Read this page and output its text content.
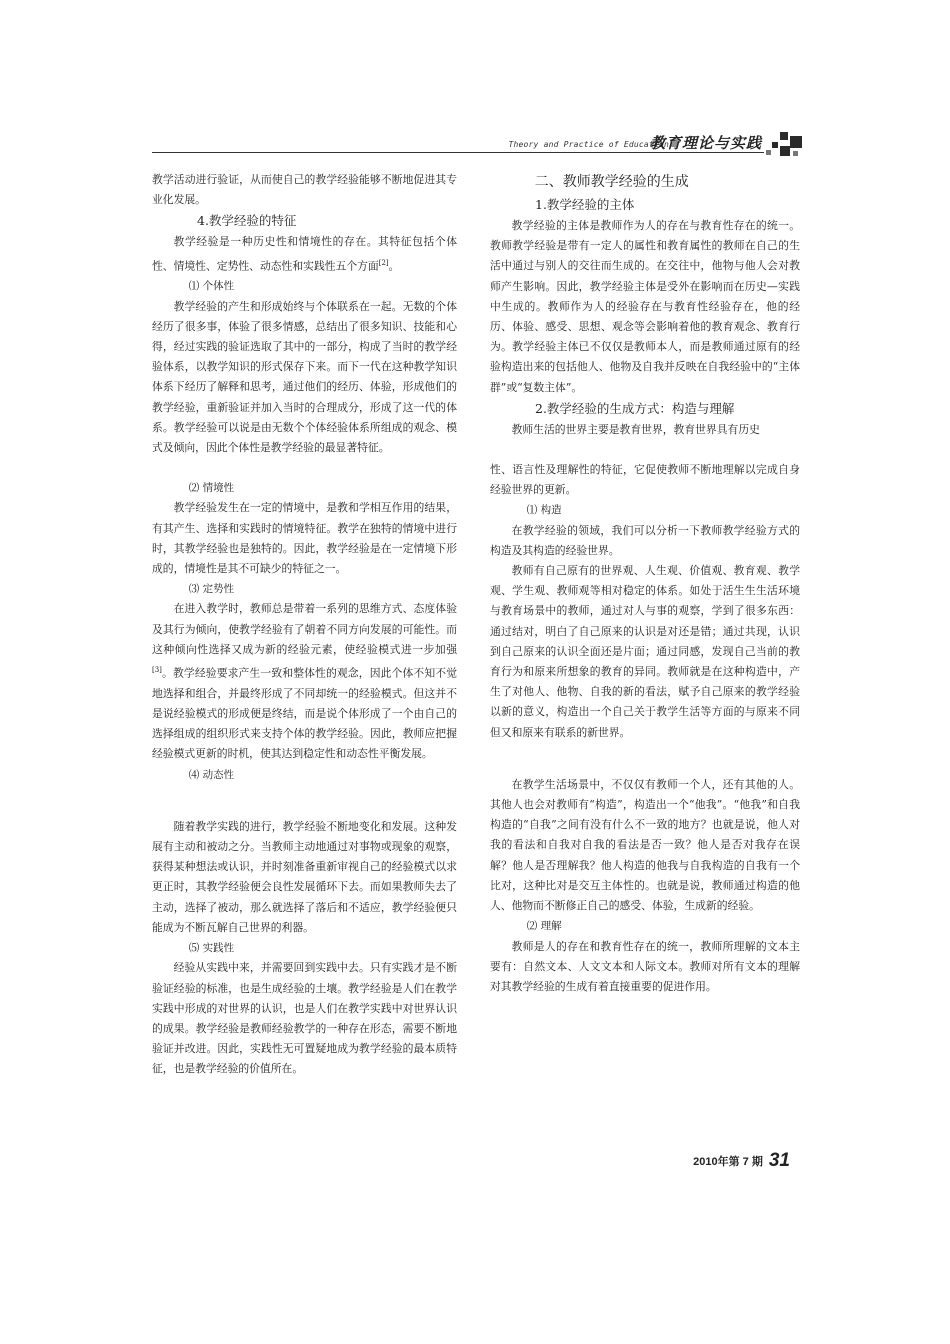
Theory and Practice of Education
教育理论与实践

教学活动进行验证，从而使自己的教学经验能够不断地促进其专业化发展。

4.教学经验的特征

教学经验是一种历史性和情境性的存在。其特征包括个体性、情境性、定势性、动态性和实践性五个方面[2]。

⑴ 个体性

教学经验的产生和形成始终与个体联系在一起。无数的个体经历了很多事，体验了很多情感，总结出了很多知识、技能和心得，经过实践的验证选取了其中的一部分，构成了当时的教学经验体系，以教学知识的形式保存下来。而下一代在这种教学知识体系下经历了解释和思考，通过他们的经历、体验，形成他们的教学经验，重新验证并加入当时的合理成分，形成了这一代的体系。教学经验可以说是由无数个个体经验体系所组成的观念、模式及倾向，因此个体性是教学经验的最显著特征。

⑵ 情境性

教学经验发生在一定的情境中，是教和学相互作用的结果，有其产生、选择和实践时的情境特征。教学在独特的情境中进行时，其教学经验也是独特的。因此，教学经验是在一定情境下形成的，情境性是其不可缺少的特征之一。

⑶ 定势性

在进入教学时，教师总是带着一系列的思维方式、态度体验及其行为倾向，使教学经验有了朝着不同方向发展的可能性。而这种倾向性选择又成为新的经验元素，使经验模式进一步加强[3]。教学经验要求产生一致和整体性的观念，因此个体不知不觉地选择和组合，并最终形成了不同却统一的经验模式。但这并不是说经验模式的形成便是终结，而是说个体形成了一个由自己的选择组成的组织形式来支持个体的教学经验。因此，教师应把握经验模式更新的时机，使其达到稳定性和动态性平衡发展。

⑷ 动态性

随着教学实践的进行，教学经验不断地变化和发展。这种发展有主动和被动之分。当教师主动地通过对事物或现象的观察，获得某种想法或认识，并时刻准备重新审视自己的经验模式以求更正时，其教学经验便会良性发展循环下去。而如果教师失去了主动，选择了被动，那么就选择了落后和不适应，教学经验便只能成为不断瓦解自己世界的利器。

⑸ 实践性

经验从实践中来，并需要回到实践中去。只有实践才是不断验证经验的标准，也是生成经验的土壤。教学经验是人们在教学实践中形成的对世界的认识，也是人们在教学实践中对世界认识的成果。教学经验是教师经验教学的一种存在形态，需要不断地验证并改进。因此，实践性无可置疑地成为教学经验的最本质特征，也是教学经验的价值所在。

二、教师教学经验的生成

1.教学经验的主体

教学经验的主体是教师作为人的存在与教育性存在的统一。教师教学经验是带有一定人的属性和教育属性的教师在自己的生活中通过与别人的交往而生成的。在交往中，他物与他人会对教师产生影响。因此，教学经验主体是受外在影响而在历史—实践中生成的。教师作为人的经验存在与教育性经验存在，他的经历、体验、感受、思想、观念等会影响着他的教育观念、教育行为。教学经验主体已不仅仅是教师本人，而是教师通过原有的经验构造出来的包括他人、他物及自我并反映在自我经验中的“主体群”或“复数主体”。

2.教学经验的生成方式：构造与理解

教师生活的世界主要是教育世界，教育世界具有历史

性、语言性及理解性的特征，它促使教师不断地理解以完成自身经验世界的更新。

⑴ 构造

在教学经验的领域，我们可以分析一下教师教学经验方式的构造及其构造的经验世界。

教师有自己原有的世界观、人生观、价值观、教育观、教学观、学生观、教师观等相对稳定的体系。如处于活生生生活环境与教育场景中的教师，通过对人与事的观察，学到了很多东西：通过结对，明白了自己原来的认识是对还是错；通过共现，认识到自己原来的认识全面还是片面；通过同感，发现自己当前的教育行为和原来所想象的教育的异同。教师就是在这种构造中，产生了对他人、他物、自我的新的看法，赋予自己原来的教学经验以新的意义，构造出一个自己关于教学生活等方面的与原来不同但又和原来有联系的新世界。

在教学生活场景中，不仅仅有教师一个人，还有其他的人。其他人也会对教师有“构造”，构造出一个“他我”。“他我”和自我构造的“自我”之间有没有什么不一致的地方？也就是说，他人对我的看法和自我对自我的看法是否一致？他人是否对我存在误解？他人是否理解我？他人构造的他我与自我构造的自我有一个比对，这种比对是交互主体性的。也就是说，教师通过构造的他人、他物而不断修正自己的感受、体验，生成新的经验。

⑵ 理解

教师是人的存在和教育性存在的统一，教师所理解的文本主要有：自然文本、人文文本和人际文本。教师对所有文本的理解对其教学经验的生成有着直接重要的促进作用。

2010年第 7 期 31
